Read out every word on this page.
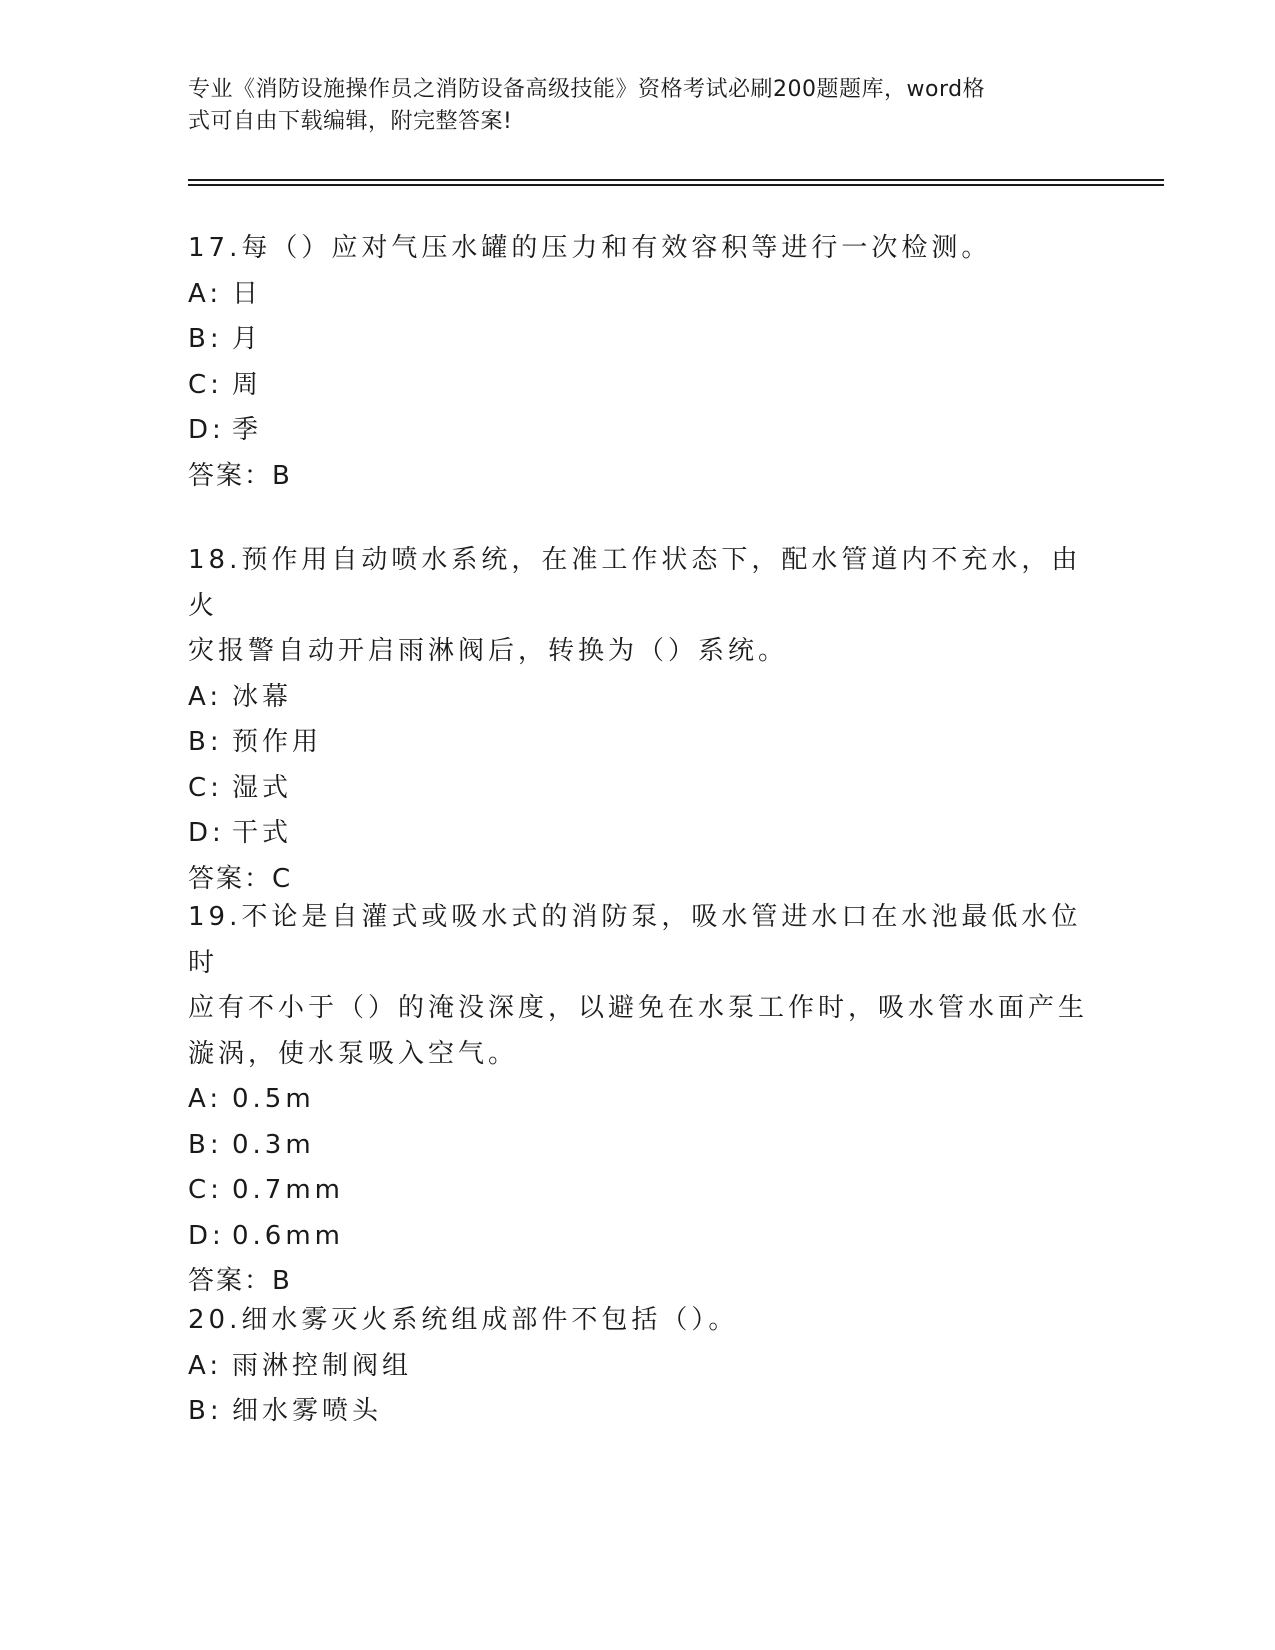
专业《消防设施操作员之消防设备高级技能》资格考试必刷200题题库，word格
式可自由下载编辑，附完整答案!

17.每（）应对气压水罐的压力和有效容积等进行一次检测。

A: 日

B: 月

C: 周

D: 季

答案：B

18.预作用自动喷水系统，在准工作状态下，配水管道内不充水，由火

灾报警自动开启雨淋阀后，转换为（）系统。

A: 冰幕

B: 预作用

C: 湿式

D: 干式

答案：C

19.不论是自灌式或吸水式的消防泵，吸水管进水口在水池最低水位时

应有不小于（）的淹没深度，以避免在水泵工作时，吸水管水面产生

漩涡，使水泵吸入空气。

A: 0.5m

B: 0.3m

C: 0.7mm

D: 0.6mm

答案：B

20.细水雾灭火系统组成部件不包括（）。

A: 雨淋控制阀组

B: 细水雾喷头
